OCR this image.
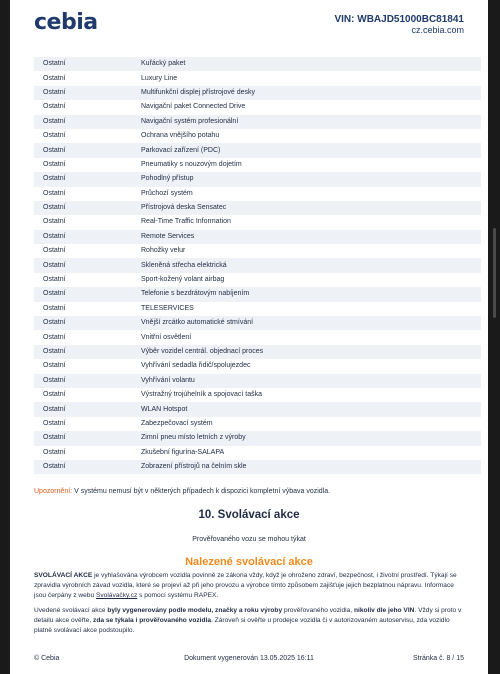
cebia	VIN: WBAJD51000BC81841
cz.cebia.com
Ostatní	Kuřácký paket
Ostatní	Luxury Line
Ostatní	Multifunkční displej přístrojové desky
Ostatní	Navigační paket Connected Drive
Ostatní	Navigační systém profesionální
Ostatní	Ochrana vnějšího potahu
Ostatní	Parkovací zařízení (PDC)
Ostatní	Pneumatiky s nouzovým dojetím
Ostatní	Pohodlný přístup
Ostatní	Průchozí systém
Ostatní	Přístrojová deska Sensatec
Ostatní	Real-Time Traffic Information
Ostatní	Remote Services
Ostatní	Rohožky velur
Ostatní	Skleněná střecha elektrická
Ostatní	Sport-kožený volant airbag
Ostatní	Telefonie s bezdrátovým nabíjením
Ostatní	TELESERVICES
Ostatní	Vnější zrcátko automatické stmívání
Ostatní	Vnitřní osvětlení
Ostatní	Výběr vozidel centrál. objednací proces
Ostatní	Vyhřívání sedadla řidič/spolujezdec
Ostatní	Vyhřívání volantu
Ostatní	Výstražný trojúhelník a spojovací taška
Ostatní	WLAN Hotspot
Ostatní	Zabezpečovací systém
Ostatní	Zimní pneu místo letních z výroby
Ostatní	Zkušební figurína-SALAPA
Ostatní	Zobrazení přístrojů na čelním skle
Upozornění: V systému nemusí být v některých případech k dispozici kompletní výbava vozidla.
10. Svolávací akce
Prověřovaného vozu se mohou týkat
Nalezené svolávací akce
SVOLÁVACÍ AKCE je vyhlašována výrobcem vozidla povinně ze zákona vždy, když je ohroženo zdraví, bezpečnost, i životní prostředí. Týkají se zpravidla výrobních závad vozidla, které se projeví až při jeho provozu a výrobce tímto způsobem zajišťuje jejich bezplatnou nápravu. Informace jsou čerpány z webu Svolávačky.cz s pomocí systému RAPEX.
Uvedené svolávací akce byly vygenerovány podle modelu, značky a roku výroby prověřovaného vozidla, nikoliv dle jeho VIN. Vždy si proto v detailu akce ověřte, zda se týkala i prověřovaného vozidla. Zároveň si ověřte u prodejce vozidla či v autorizovaném autoservisu, zda vozidlo platně svolávací akce podstoupilo.
© Cebia	Dokument vygenerován 13.05.2025 16:11	Stránka č. 8 / 15
